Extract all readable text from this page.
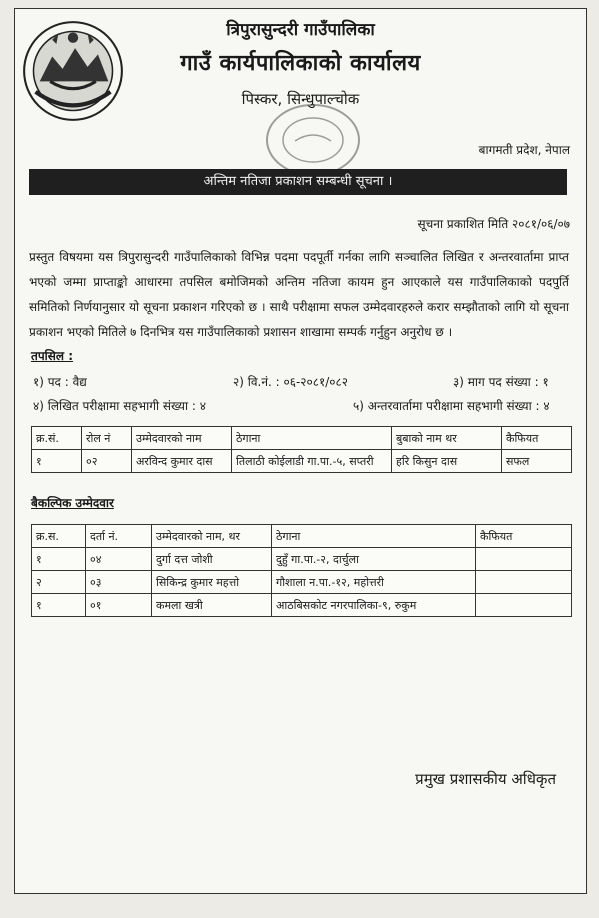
त्रिपुरासुन्दरी गाउँपालिका
गाउँ कार्यपालिकाको कार्यालय
पिस्कर, सिन्धुपाल्चोक
बागमती प्रदेश, नेपाल
अन्तिम नतिजा प्रकाशन सम्बन्धी सूचना ।
सूचना प्रकाशित मिति २०८१/०६/०७

प्रस्तुत विषयमा यस त्रिपुरासुन्दरी गाउँपालिकाको विभिन्न पदमा पदपूर्ती गर्नका लागि सञ्चालित लिखित र अन्तरवार्तामा प्राप्त भएको जम्मा प्राप्ताङ्को आधारमा तपसिल बमोजिमको अन्तिम नतिजा कायम हुन आएकाले यस गाउँपालिकाको पदपुर्ति समितिको निर्णयानुसार यो सूचना प्रकाशन गरिएको छ । साथै परीक्षामा सफल उम्मेदवारहरुले करार सम्झौताको लागि यो सूचना प्रकाशन भएको मितिले ७ दिनभित्र यस गाउँपालिकाको प्रशासन शाखामा सम्पर्क गर्नुहुन अनुरोध छ ।

तपसिल :
१) पद : वैद्य	२) वि.नं. : ०६-२०८१/०८२	३) माग पद संख्या : १
४) लिखित परीक्षामा सहभागी संख्या : ४	५) अन्तरवार्तामा परीक्षामा सहभागी संख्या : ४
क्र.सं.	रोल नं	उम्मेदवारको नाम	ठेगाना	बुबाको नाम थर	कैफियत
१	०२	अरविन्द कुमार दास	तिलाठी कोईलाडी गा.पा.-५, सप्तरी	हरि किसुन दास	सफल
बैकल्पिक उम्मेदवार
क्र.स.	दर्ता नं.	उम्मेदवारको नाम, थर	ठेगाना	कैफियत
१	०४	दुर्गा दत्त जोशी	दुहुँ गा.पा.-२, दार्चुला	
२	०३	सिकिन्द्र कुमार महत्तो	गौशाला न.पा.-१२, महोत्तरी	
१	०१	कमला खत्री	आठबिसकोट नगरपालिका-९, रुकुम	
प्रमुख प्रशासकीय अधिकृत
